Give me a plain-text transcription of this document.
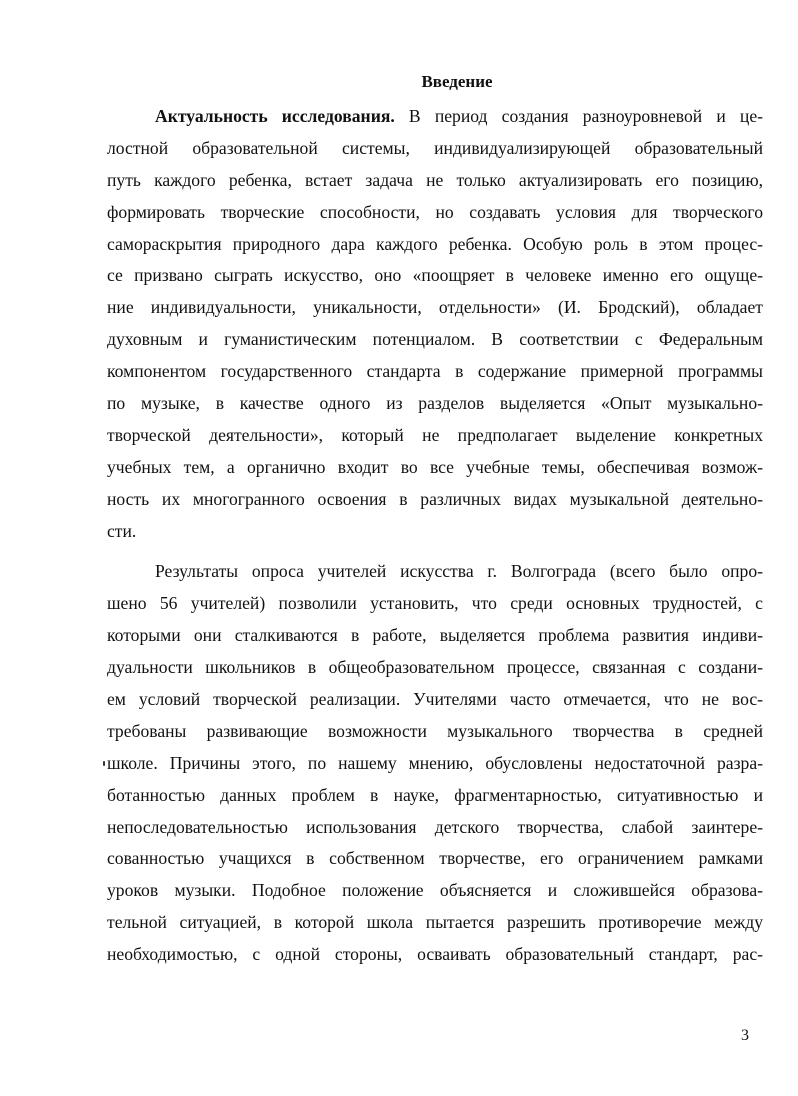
Введение
Актуальность исследования. В период создания разноуровневой и це-
лостной образовательной системы, индивидуализирующей образовательный
путь каждого ребенка, встает задача не только актуализировать его позицию,
формировать творческие способности, но создавать условия для творческого
самораскрытия природного дара каждого ребенка. Особую роль в этом процес-
се призвано сыграть искусство, оно «поощряет в человеке именно его ощуще-
ние индивидуальности, уникальности, отдельности» (И. Бродский), обладает
духовным и гуманистическим потенциалом. В соответствии с Федеральным
компонентом государственного стандарта в содержание примерной программы
по музыке, в качестве одного из разделов выделяется «Опыт музыкально-
творческой деятельности», который не предполагает выделение конкретных
учебных тем, а органично входит во все учебные темы, обеспечивая возмож-
ность их многогранного освоения в различных видах музыкальной деятельно-
сти.
Результаты опроса учителей искусства г. Волгограда (всего было опро-
шено 56 учителей) позволили установить, что среди основных трудностей, с
которыми они сталкиваются в работе, выделяется проблема развития индиви-
дуальности школьников в общеобразовательном процессе, связанная с создани-
ем условий творческой реализации. Учителями часто отмечается, что не вос-
требованы развивающие возможности музыкального творчества в средней
школе. Причины этого, по нашему мнению, обусловлены недостаточной разра-
ботанностью данных проблем в науке, фрагментарностью, ситуативностью и
непоследовательностью использования детского творчества, слабой заинтере-
сованностью учащихся в собственном творчестве, его ограничением рамками
уроков музыки. Подобное положение объясняется и сложившейся образова-
тельной ситуацией, в которой школа пытается разрешить противоречие между
необходимостью, с одной стороны, осваивать образовательный стандарт, рас-
3
